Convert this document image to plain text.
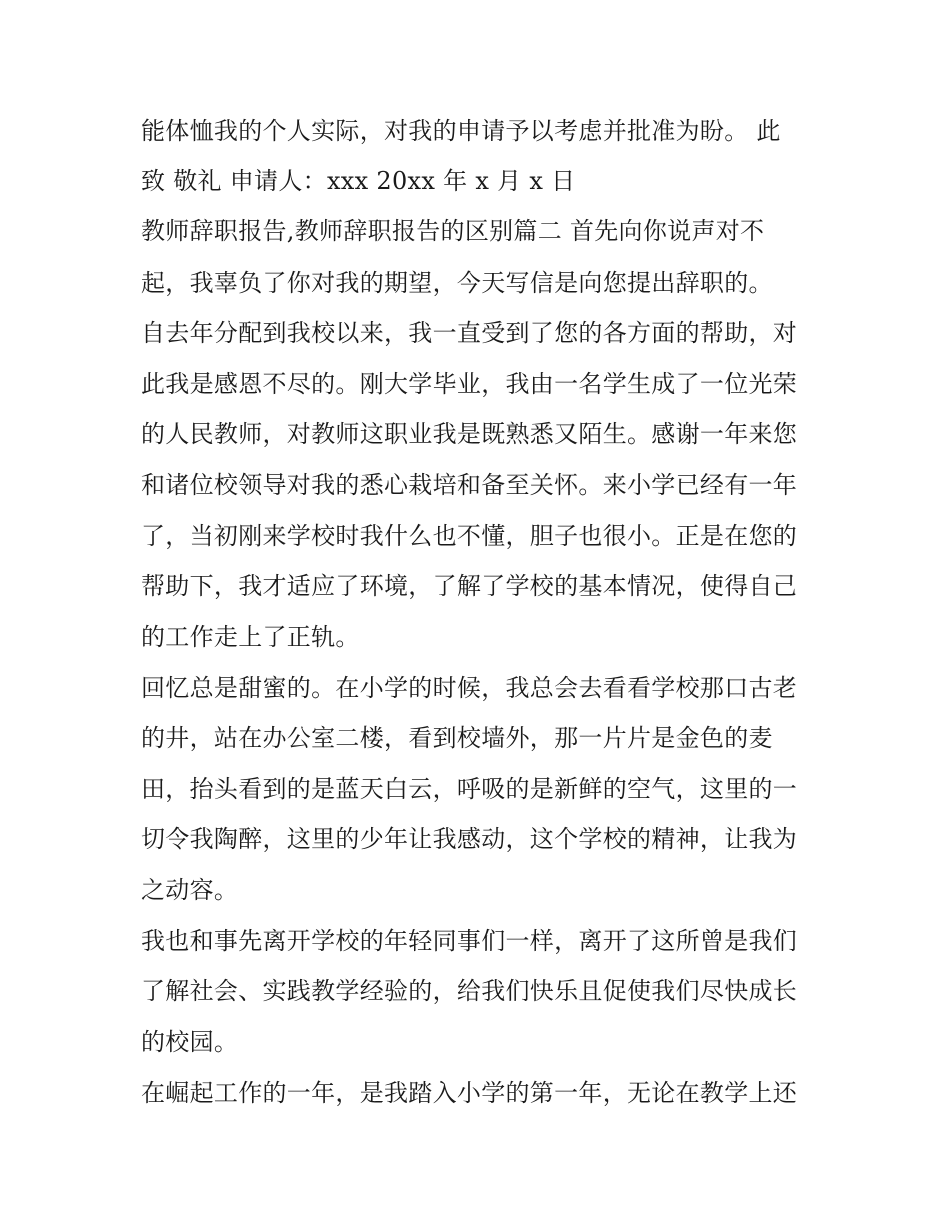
能体恤我的个人实际，对我的申请予以考虑并批准为盼。 此
致 敬礼 申请人：xxx 20xx 年 x 月 x 日
教师辞职报告,教师辞职报告的区别篇二 首先向你说声对不
起，我辜负了你对我的期望，今天写信是向您提出辞职的。
自去年分配到我校以来，我一直受到了您的各方面的帮助，对
此我是感恩不尽的。刚大学毕业，我由一名学生成了一位光荣
的人民教师，对教师这职业我是既熟悉又陌生。感谢一年来您
和诸位校领导对我的悉心栽培和备至关怀。来小学已经有一年
了，当初刚来学校时我什么也不懂，胆子也很小。正是在您的
帮助下，我才适应了环境，了解了学校的基本情况，使得自己
的工作走上了正轨。
回忆总是甜蜜的。在小学的时候，我总会去看看学校那口古老
的井，站在办公室二楼，看到校墙外，那一片片是金色的麦
田，抬头看到的是蓝天白云，呼吸的是新鲜的空气，这里的一
切令我陶醉，这里的少年让我感动，这个学校的精神，让我为
之动容。
我也和事先离开学校的年轻同事们一样，离开了这所曾是我们
了解社会、实践教学经验的，给我们快乐且促使我们尽快成长
的校园。
在崛起工作的一年，是我踏入小学的第一年，无论在教学上还
